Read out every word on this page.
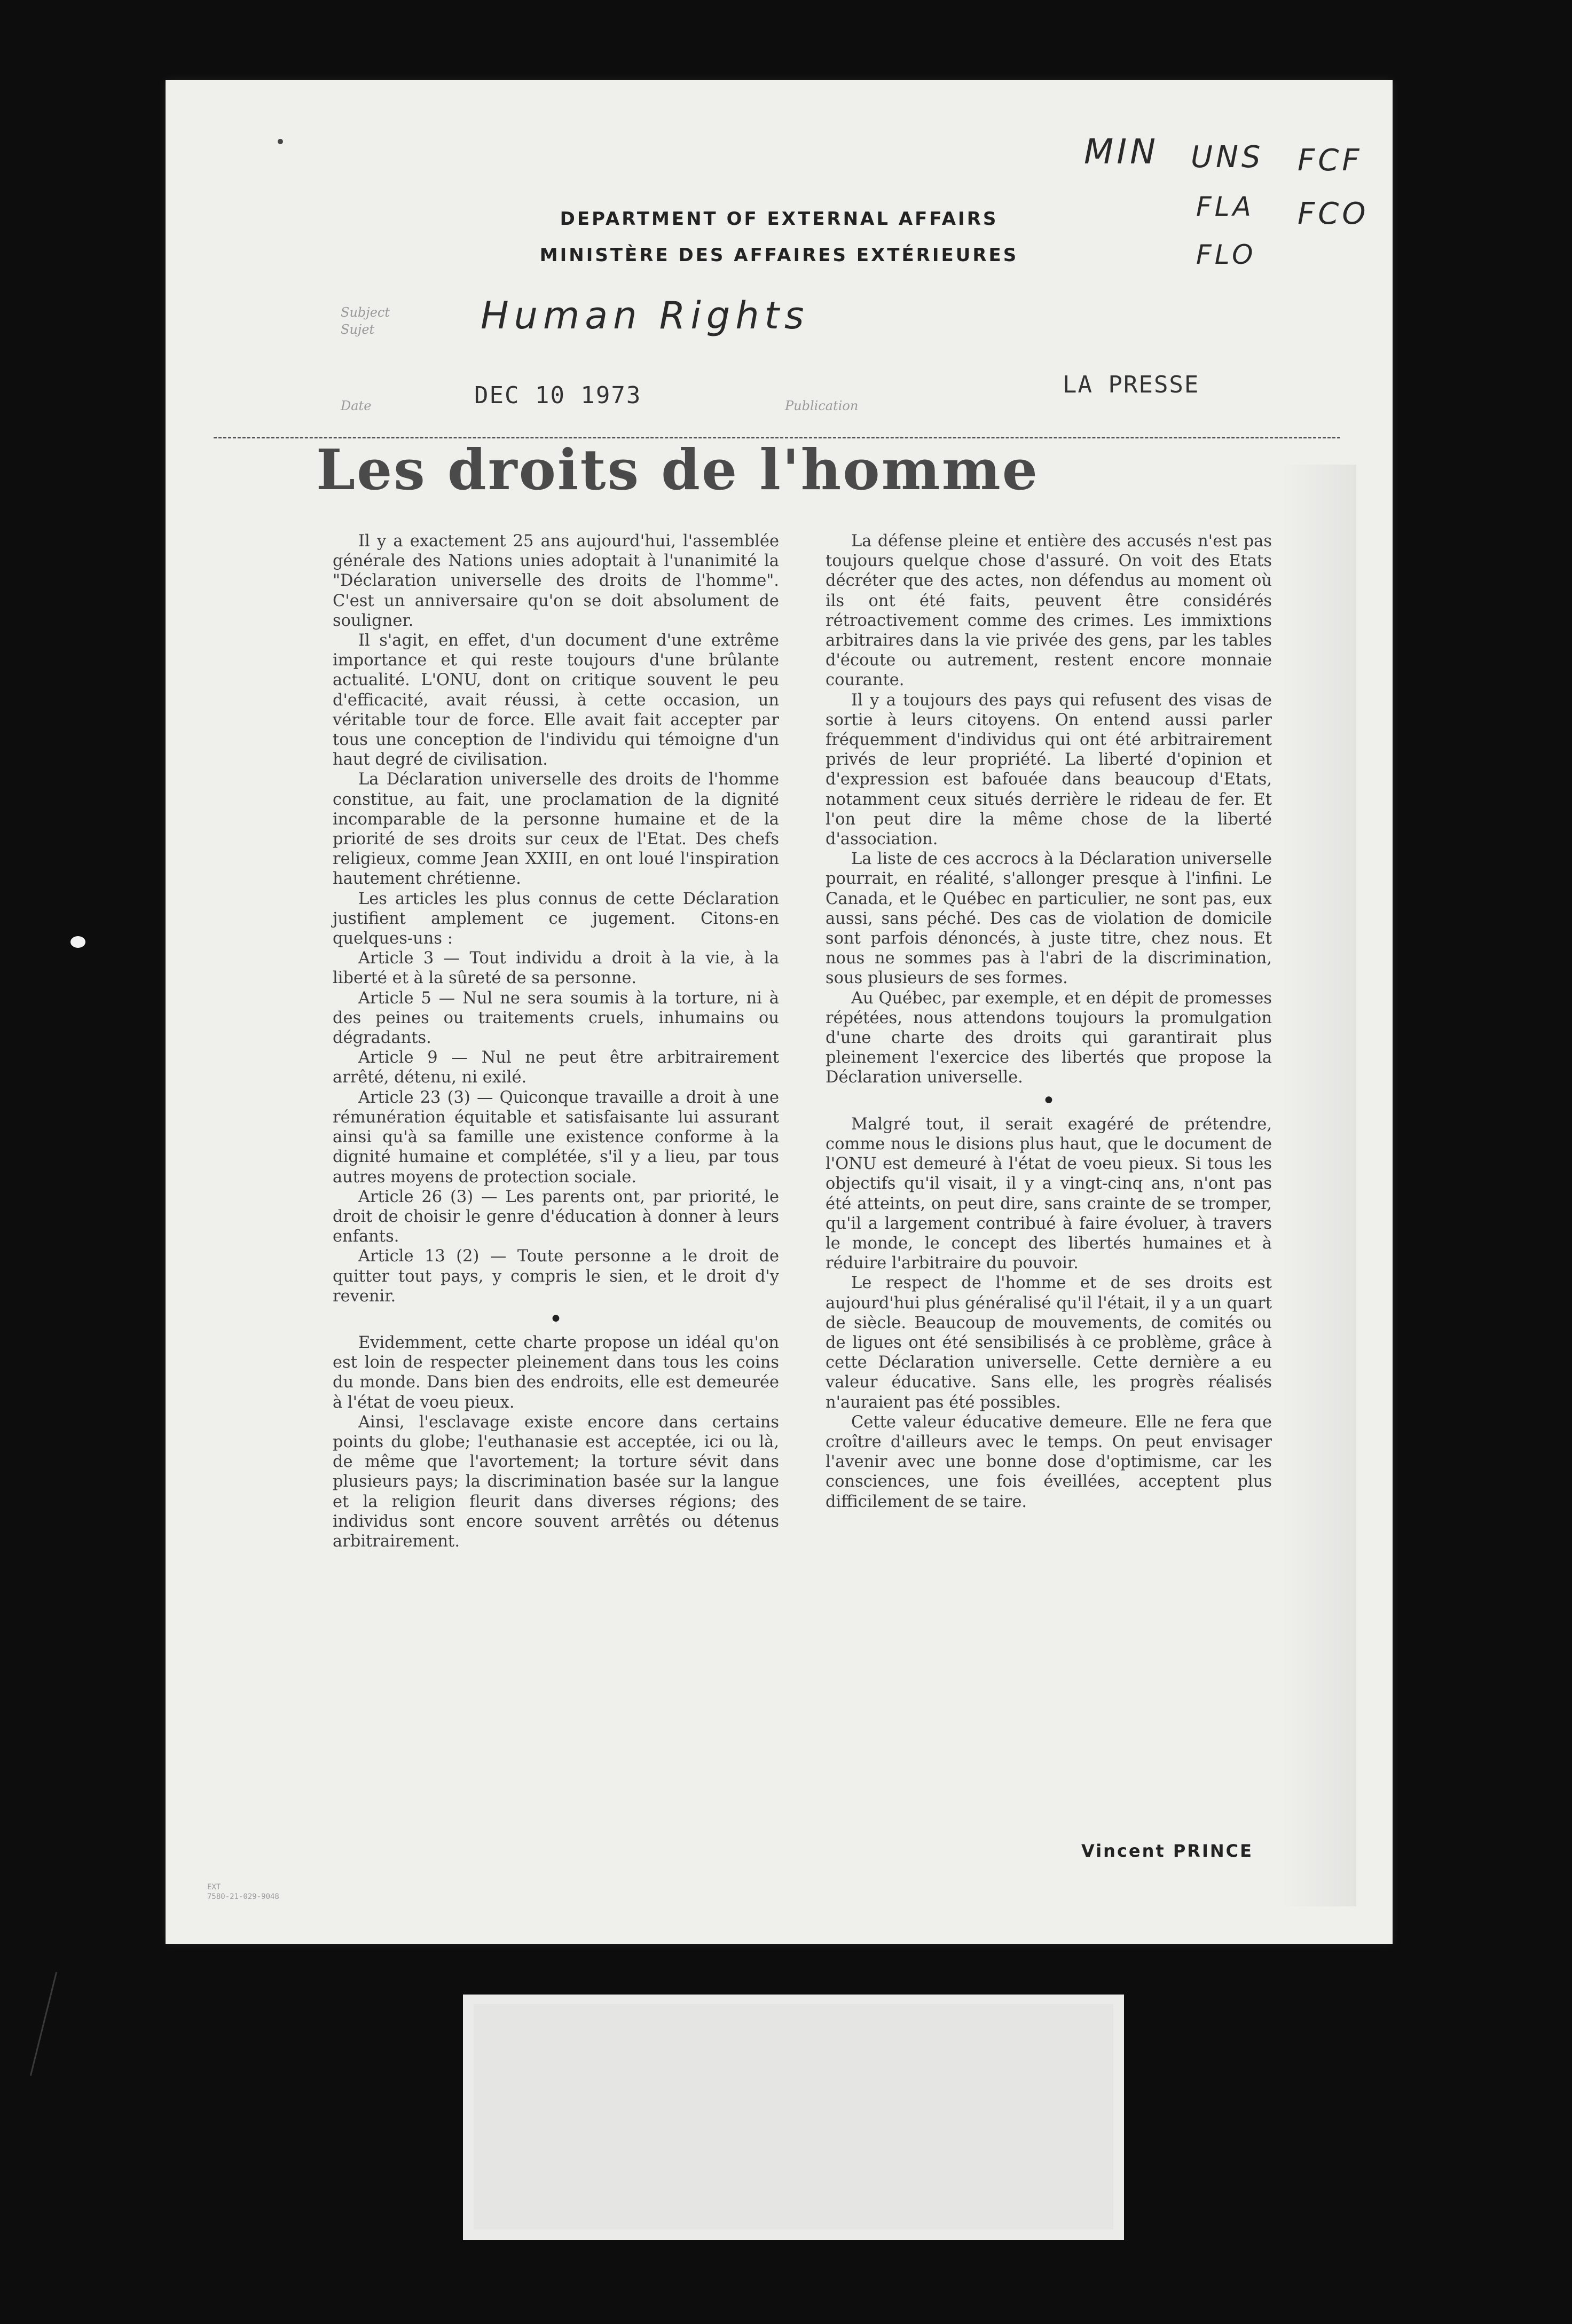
DEPARTMENT OF EXTERNAL AFFAIRS
MINISTÈRE DES AFFAIRES EXTÉRIEURES
MIN UNS FCF
FLA FCO
FLO
Subject
Sujet	Human Rights
Date	DEC 10 1973	Publication
LA PRESSE
Les droits de l'homme

Il y a exactement 25 ans aujourd'hui, l'assemblée générale des Nations unies adoptait à l'unanimité la "Déclaration universelle des droits de l'homme". C'est un anniversaire qu'on se doit absolument de souligner.

Il s'agit, en effet, d'un document d'une extrême importance et qui reste toujours d'une brûlante actualité. L'ONU, dont on critique souvent le peu d'efficacité, avait réussi, à cette occasion, un véritable tour de force. Elle avait fait accepter par tous une conception de l'individu qui témoigne d'un haut degré de civilisation.

La Déclaration universelle des droits de l'homme constitue, au fait, une proclamation de la dignité incomparable de la personne humaine et de la priorité de ses droits sur ceux de l'Etat. Des chefs religieux, comme Jean XXIII, en ont loué l'inspiration hautement chrétienne.

Les articles les plus connus de cette Déclaration justifient amplement ce jugement. Citons-en quelques-uns :

Article 3 — Tout individu a droit à la vie, à la liberté et à la sûreté de sa personne.

Article 5 — Nul ne sera soumis à la torture, ni à des peines ou traitements cruels, inhumains ou dégradants.

Article 9 — Nul ne peut être arbitrairement arrêté, détenu, ni exilé.

Article 23 (3) — Quiconque travaille a droit à une rémunération équitable et satisfaisante lui assurant ainsi qu'à sa famille une existence conforme à la dignité humaine et complétée, s'il y a lieu, par tous autres moyens de protection sociale.

Article 26 (3) — Les parents ont, par priorité, le droit de choisir le genre d'éducation à donner à leurs enfants.

Article 13 (2) — Toute personne a le droit de quitter tout pays, y compris le sien, et le droit d'y revenir.

•

Evidemment, cette charte propose un idéal qu'on est loin de respecter pleinement dans tous les coins du monde. Dans bien des endroits, elle est demeurée à l'état de voeu pieux.

Ainsi, l'esclavage existe encore dans certains points du globe; l'euthanasie est acceptée, ici ou là, de même que l'avortement; la torture sévit dans plusieurs pays; la discrimination basée sur la langue et la religion fleurit dans diverses régions; des individus sont encore souvent arrêtés ou détenus arbitrairement.

La défense pleine et entière des accusés n'est pas toujours quelque chose d'assuré. On voit des Etats décréter que des actes, non défendus au moment où ils ont été faits, peuvent être considérés rétroactivement comme des crimes. Les immixtions arbitraires dans la vie privée des gens, par les tables d'écoute ou autrement, restent encore monnaie courante.

Il y a toujours des pays qui refusent des visas de sortie à leurs citoyens. On entend aussi parler fréquemment d'individus qui ont été arbitrairement privés de leur propriété. La liberté d'opinion et d'expression est bafouée dans beaucoup d'Etats, notamment ceux situés derrière le rideau de fer. Et l'on peut dire la même chose de la liberté d'association.

La liste de ces accrocs à la Déclaration universelle pourrait, en réalité, s'allonger presque à l'infini. Le Canada, et le Québec en particulier, ne sont pas, eux aussi, sans péché. Des cas de violation de domicile sont parfois dénoncés, à juste titre, chez nous. Et nous ne sommes pas à l'abri de la discrimination, sous plusieurs de ses formes.

Au Québec, par exemple, et en dépit de promesses répétées, nous attendons toujours la promulgation d'une charte des droits qui garantirait plus pleinement l'exercice des libertés que propose la Déclaration universelle.

•

Malgré tout, il serait exagéré de prétendre, comme nous le disions plus haut, que le document de l'ONU est demeuré à l'état de voeu pieux. Si tous les objectifs qu'il visait, il y a vingt-cinq ans, n'ont pas été atteints, on peut dire, sans crainte de se tromper, qu'il a largement contribué à faire évoluer, à travers le monde, le concept des libertés humaines et à réduire l'arbitraire du pouvoir.

Le respect de l'homme et de ses droits est aujourd'hui plus généralisé qu'il l'était, il y a un quart de siècle. Beaucoup de mouvements, de comités ou de ligues ont été sensibilisés à ce problème, grâce à cette Déclaration universelle. Cette dernière a eu valeur éducative. Sans elle, les progrès réalisés n'auraient pas été possibles.

Cette valeur éducative demeure. Elle ne fera que croître d'ailleurs avec le temps. On peut envisager l'avenir avec une bonne dose d'optimisme, car les consciences, une fois éveillées, acceptent plus difficilement de se taire.

Vincent PRINCE
EXT
7580-21-029-9048
